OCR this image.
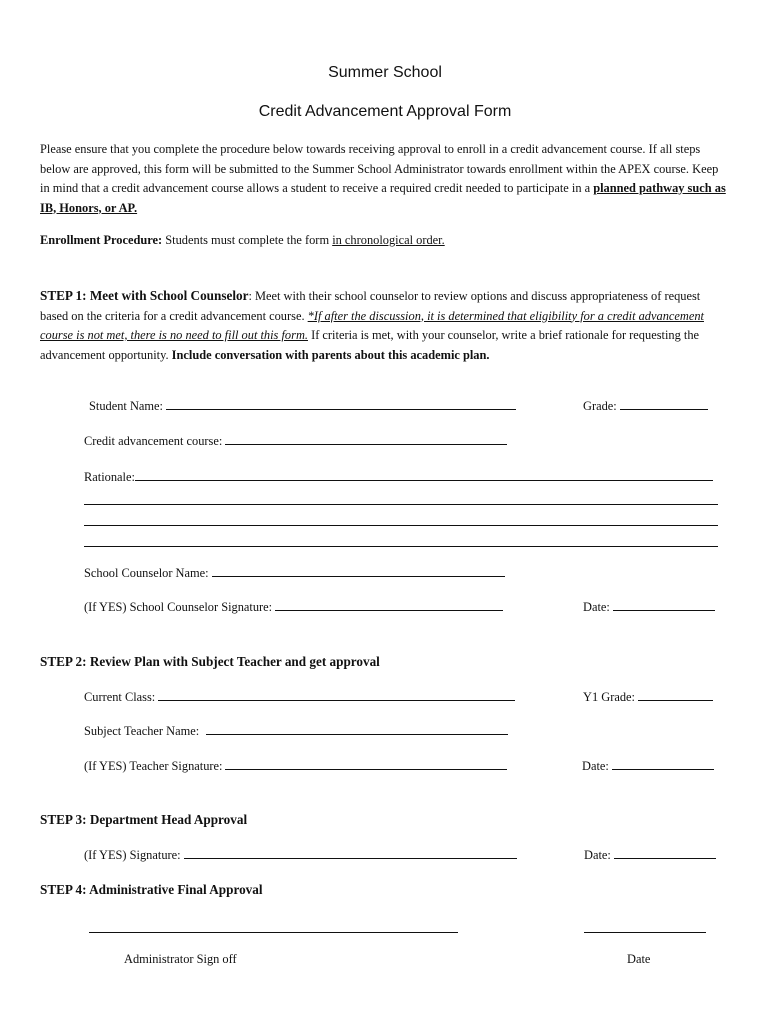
Summer School
Credit Advancement Approval Form
Please ensure that you complete the procedure below towards receiving approval to enroll in a credit advancement course. If all steps below are approved, this form will be submitted to the Summer School Administrator towards enrollment within the APEX course. Keep in mind that a credit advancement course allows a student to receive a required credit needed to participate in a planned pathway such as IB, Honors, or AP.
Enrollment Procedure: Students must complete the form in chronological order.
STEP 1: Meet with School Counselor: Meet with their school counselor to review options and discuss appropriateness of request based on the criteria for a credit advancement course. *If after the discussion, it is determined that eligibility for a credit advancement course is not met, there is no need to fill out this form. If criteria is met, with your counselor, write a brief rationale for requesting the advancement opportunity. Include conversation with parents about this academic plan.
Student Name:	Grade:
Credit advancement course:
Rationale:
School Counselor Name:
(If YES) School Counselor Signature:	Date:
STEP 2: Review Plan with Subject Teacher and get approval
Current Class:	Y1 Grade:
Subject Teacher Name:
(If YES) Teacher Signature:	Date:
STEP 3: Department Head Approval
(If YES) Signature:	Date:
STEP 4: Administrative Final Approval
Administrator Sign off	Date
